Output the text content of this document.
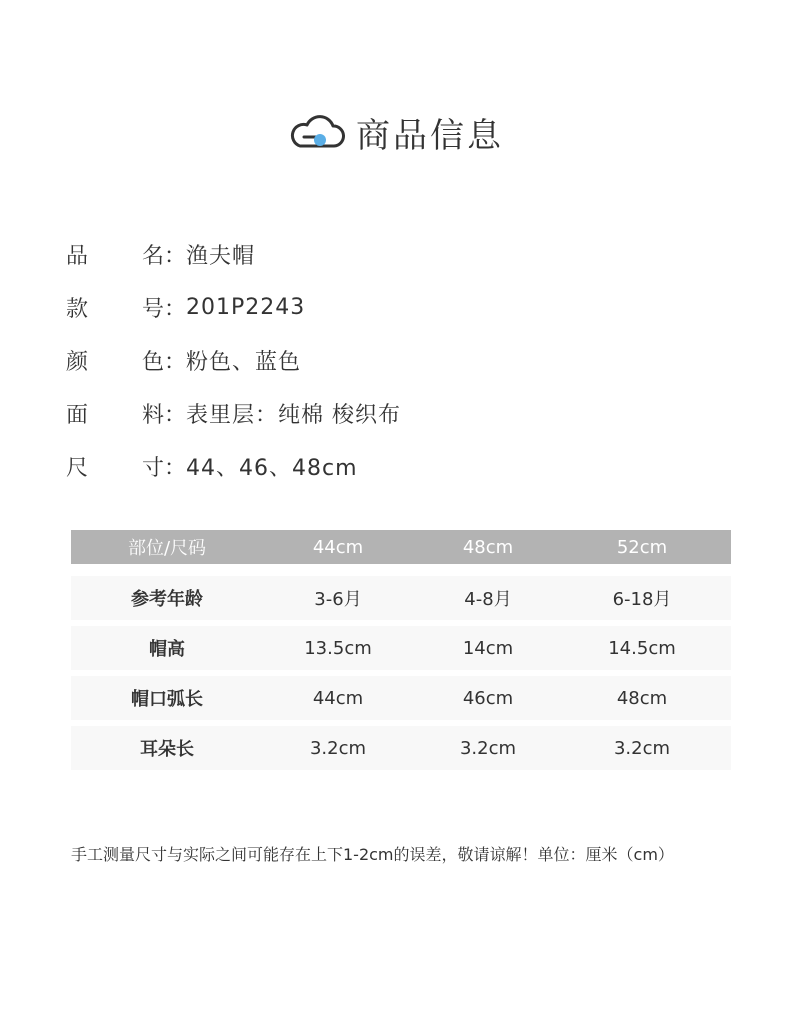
商品信息
品 名： 渔夫帽
款 号： 201P2243
颜 色： 粉色、蓝色
面 料： 表里层：纯棉 梭织布
尺 寸： 44、46、48cm
部位/尺码	44cm	48cm	52cm
参考年龄	3-6月	4-8月	6-18月
帽高	13.5cm	14cm	14.5cm
帽口弧长	44cm	46cm	48cm
耳朵长	3.2cm	3.2cm	3.2cm
手工测量尺寸与实际之间可能存在上下1-2cm的误差，敬请谅解！单位：厘米（cm）
